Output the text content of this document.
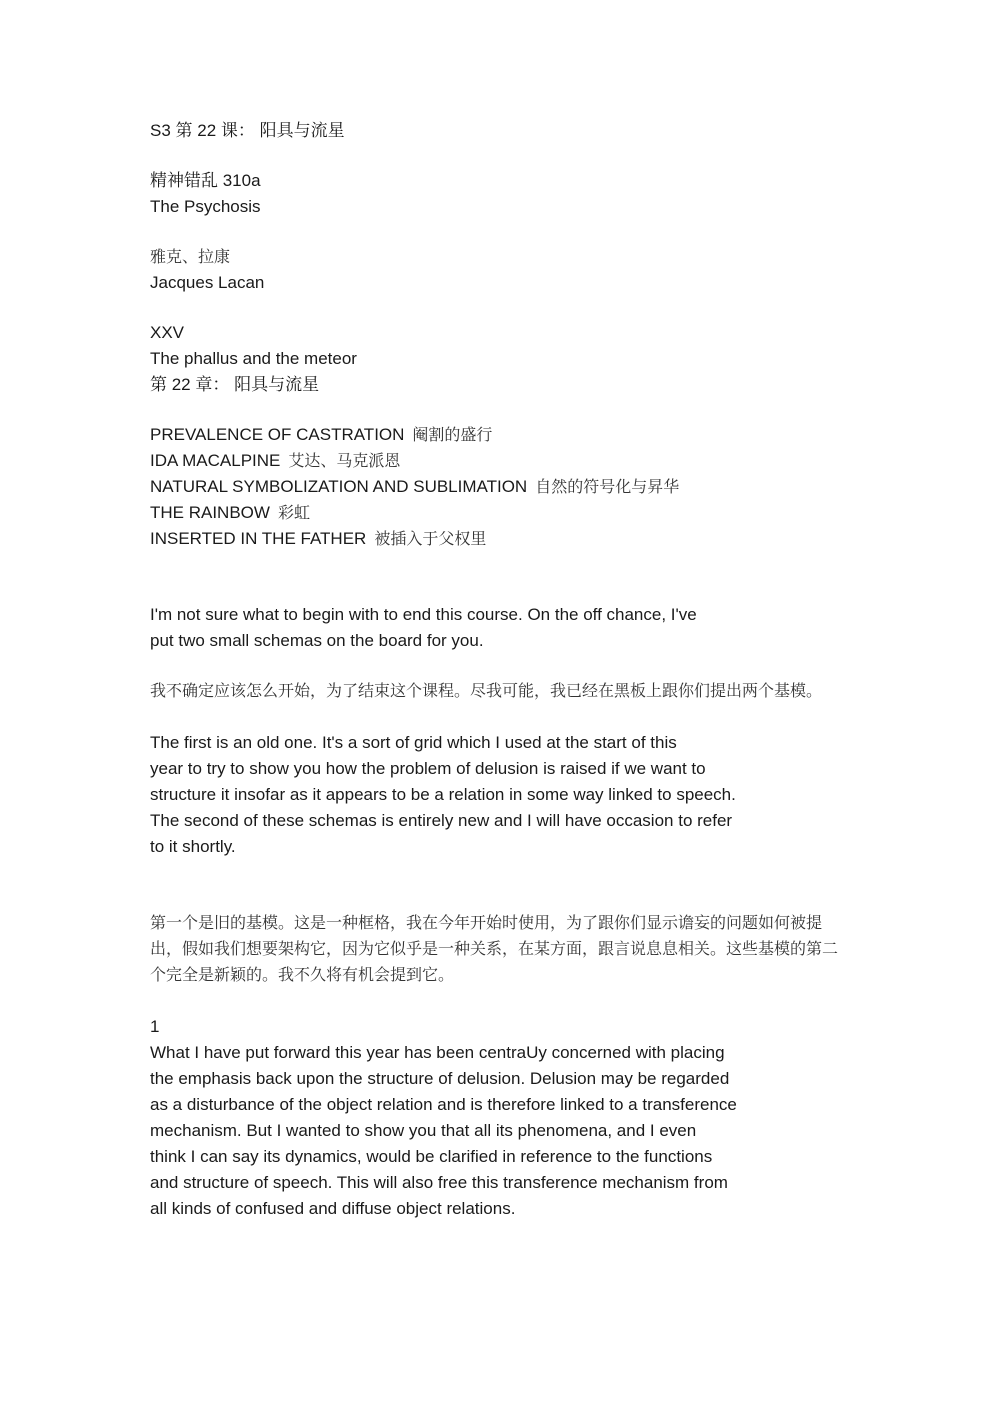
S3 第 22 课： 阳具与流星
精神错乱 310a
The Psychosis
雅克、拉康
Jacques Lacan
XXV
The phallus and the meteor
第 22 章： 阳具与流星
PREVALENCE OF CASTRATION 阉割的盛行
IDA MACALPINE 艾达、马克派恩
NATURAL SYMBOLIZATION AND SUBLIMATION 自然的符号化与昇华
THE RAINBOW 彩虹
INSERTED IN THE FATHER 被插入于父权里
I'm not sure what to begin with to end this course. On the off chance, I've
put two small schemas on the board for you.
我不确定应该怎么开始，为了结束这个课程。尽我可能，我已经在黑板上跟你们提出两个基模。
The first is an old one. It's a sort of grid which I used at the start of this
year to try to show you how the problem of delusion is raised if we want to
structure it insofar as it appears to be a relation in some way linked to speech.
The second of these schemas is entirely new and I will have occasion to refer
to it shortly.
第一个是旧的基模。这是一种框格，我在今年开始时使用，为了跟你们显示谵妄的问题如何被提出，假如我们想要架构它，因为它似乎是一种关系，在某方面，跟言说息息相关。这些基模的第二个完全是新颖的。我不久将有机会提到它。
1
What I have put forward this year has been centraUy concerned with placing
the emphasis back upon the structure of delusion. Delusion may be regarded
as a disturbance of the object relation and is therefore linked to a transference
mechanism. But I wanted to show you that all its phenomena, and I even
think I can say its dynamics, would be clarified in reference to the functions
and structure of speech. This will also free this transference mechanism from
all kinds of confused and diffuse object relations.
